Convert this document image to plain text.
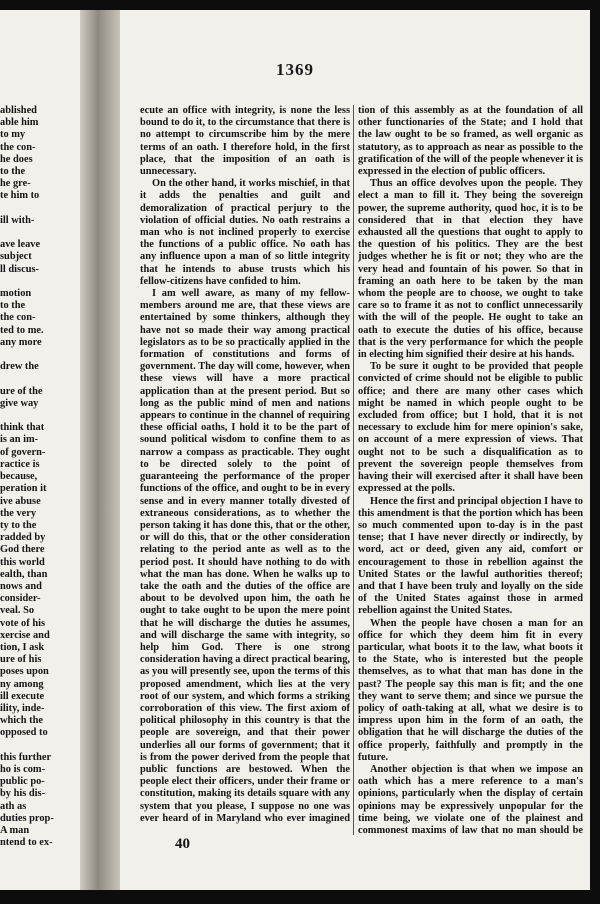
1369
ablished
able him
to my
the con-
he does
to the
he gre-
te him to

ill with-

ave leave
subject
ll discus-

motion
to the
the con-
ted to me.
any more

drew the

ure of the
give way

think that
is an im-
of govern-
ractice is
because,
peration it
ive abuse
the very
ty to the
radded by
God there
this world
ealth, than
nows and
consider-
veal. So
vote of his
xercise and
tion, I ask
ure of his
poses upon
ny among
ill execute
ility, inde-
which the
opposed to

this further
ho is com-
public po-
by his dis-
ath as
duties prop-
A man
ntend to ex-

ecute an office with integrity, is none the less bound to do it, to the circumstance that there is no attempt to circumscribe him by the mere terms of an oath. I therefore hold, in the first place, that the imposition of an oath is unnecessary.

On the other hand, it works mischief, in that it adds the penalties and guilt and demoralization of practical perjury to the violation of official duties. No oath restrains a man who is not inclined properly to exercise the functions of a public office. No oath has any influence upon a man of so little integrity that he intends to abuse trusts which his fellow-citizens have confided to him.

I am well aware, as many of my fellow-members around me are, that these views are entertained by some thinkers, although they have not so made their way among practical legislators as to be so practically applied in the formation of constitutions and forms of government. The day will come, however, when these views will have a more practical application than at the present period. But so long as the public mind of men and nations appears to continue in the channel of requiring these official oaths, I hold it to be the part of sound political wisdom to confine them to as narrow a compass as practicable. They ought to be directed solely to the point of guaranteeing the performance of the proper functions of the office, and ought to be in every sense and in every manner totally divested of extraneous considerations, as to whether the person taking it has done this, that or the other, or will do this, that or the other consideration relating to the period ante as well as to the period post. It should have nothing to do with what the man has done. When he walks up to take the oath and the duties of the office are about to be devolved upon him, the oath he ought to take ought to be upon the mere point that he will discharge the duties he assumes, and will discharge the same with integrity, so help him God. There is one strong consideration having a direct practical bearing, as you will presently see, upon the terms of this proposed amendment, which lies at the very root of our system, and which forms a striking corroboration of this view. The first axiom of political philosophy in this country is that the people are sovereign, and that their power underlies all our forms of government; that it is from the power derived from the people that public functions are bestowed. When the people elect their officers, under their frame or constitution, making its details square with any system that you please, I suppose no one was ever heard of in Maryland who ever imagined

tion of this assembly as at the foundation of all other functionaries of the State; and I hold that the law ought to be so framed, as well organic as statutory, as to approach as near as possible to the gratification of the will of the people whenever it is expressed in the election of public officers.

Thus an office devolves upon the people. They elect a man to fill it. They being the sovereign power, the supreme authority, quod hoc, it is to be considered that in that election they have exhausted all the questions that ought to apply to the question of his politics. They are the best judges whether he is fit or not; they who are the very head and fountain of his power. So that in framing an oath here to be taken by the man whom the people are to choose, we ought to take care so to frame it as not to conflict unnecessarily with the will of the people. He ought to take an oath to execute the duties of his office, because that is the very performance for which the people in electing him signified their desire at his hands.

To be sure it ought to be provided that people convicted of crime should not be eligible to public office; and there are many other cases which might be named in which people ought to be excluded from office; but I hold, that it is not necessary to exclude him for mere opinion's sake, on account of a mere expression of views. That ought not to be such a disqualification as to prevent the sovereign people themselves from having their will exercised after it shall have been expressed at the polls.

Hence the first and principal objection I have to this amendment is that the portion which has been so much commented upon to-day is in the past tense; that I have never directly or indirectly, by word, act or deed, given any aid, comfort or encouragement to those in rebellion against the United States or the lawful authorities thereof; and that I have been truly and loyally on the side of the United States against those in armed rebellion against the United States.

When the people have chosen a man for an office for which they deem him fit in every particular, what boots it to the law, what boots it to the State, who is interested but the people themselves, as to what that man has done in the past? The people say this man is fit; and the one they want to serve them; and since we pursue the policy of oath-taking at all, what we desire is to impress upon him in the form of an oath, the obligation that he will discharge the duties of the office properly, faithfully and promptly in the future.

Another objection is that when we impose an oath which has a mere reference to a man's opinions, particularly when the display of certain opinions may be expressively unpopular for the time being, we violate one of the plainest and commonest maxims of law that no man should be

40
